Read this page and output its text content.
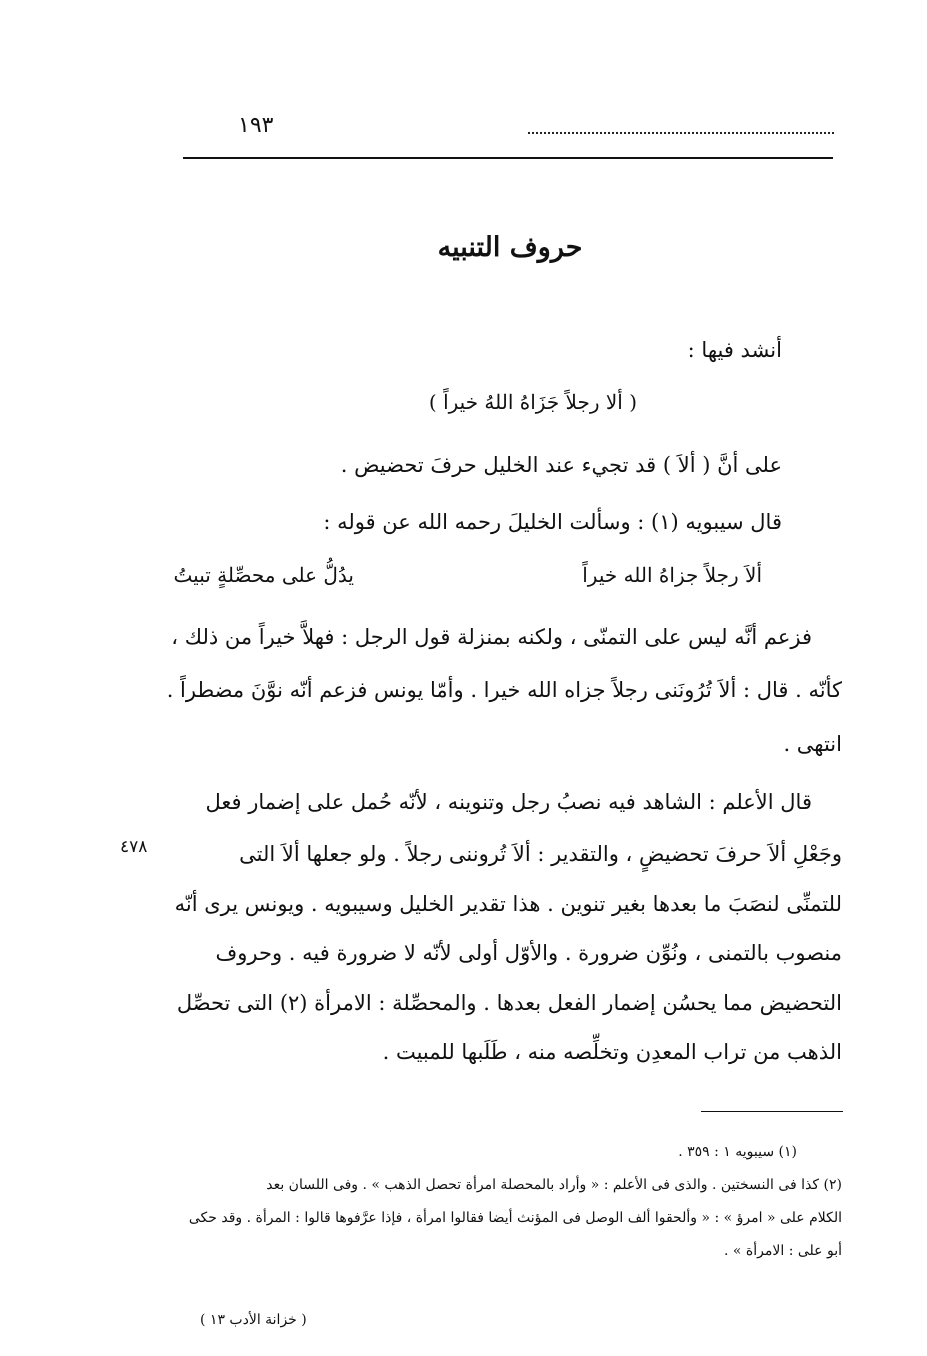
١٩٣
حروف التنبيه
أنشد فيها :
( ألا رجلاً جَزَاهُ اللهُ خيراً )
على أنَّ ( ألاَ ) قد تجيء عند الخليل حرفَ تحضيض .
قال سيبويه (١) : وسألت الخليلَ رحمه الله عن قوله :
ألاَ رجلاً جزاهُ الله خيراً
يدُلُّ على محصِّلةٍ تبيتُ
فزعم أنَّه ليس على التمنّى ، ولكنه بمنزلة قول الرجل : فهلاَّ خيراً من ذلك ،
كأنّه . قال : ألاَ تُرُونَنى رجلاً جزاه الله خيرا . وأمّا يونس فزعم أنّه نوَّنَ مضطراً .
انتهى .
قال الأعلم : الشاهد فيه نصبُ رجل وتنوينه ، لأنّه حُمل على إضمار فعل
وجَعْلِ ألاَ حرفَ تحضيضٍ ، والتقدير : ألاَ تُروننى رجلاً . ولو جعلها ألاَ التى
للتمنِّى لنصَبَ ما بعدها بغير تنوين . هذا تقدير الخليل وسيبويه . ويونس يرى أنّه
منصوب بالتمنى ، ونُوِّن ضرورة . والأوّل أولى لأنّه لا ضرورة فيه . وحروف
التحضيض مما يحسُن إضمار الفعل بعدها . والمحصِّلة : الامرأة (٢) التى تحصِّل
الذهب من تراب المعدِن وتخلِّصه منه ، طَلَبها للمبيت .
٤٧٨
(١) سيبويه ١ : ٣٥٩ .
(٢) كذا فى النسختين . والذى فى الأعلم : « وأراد بالمحصلة امرأة تحصل الذهب » . وفى اللسان بعد
الكلام على « امرؤ » : « وألحقوا ألف الوصل فى المؤنث أيضا فقالوا امرأة ، فإذا عرَّفوها قالوا : المرأة . وقد حكى
أبو على : الامرأة » .
( خزانة الأدب ١٣ )
